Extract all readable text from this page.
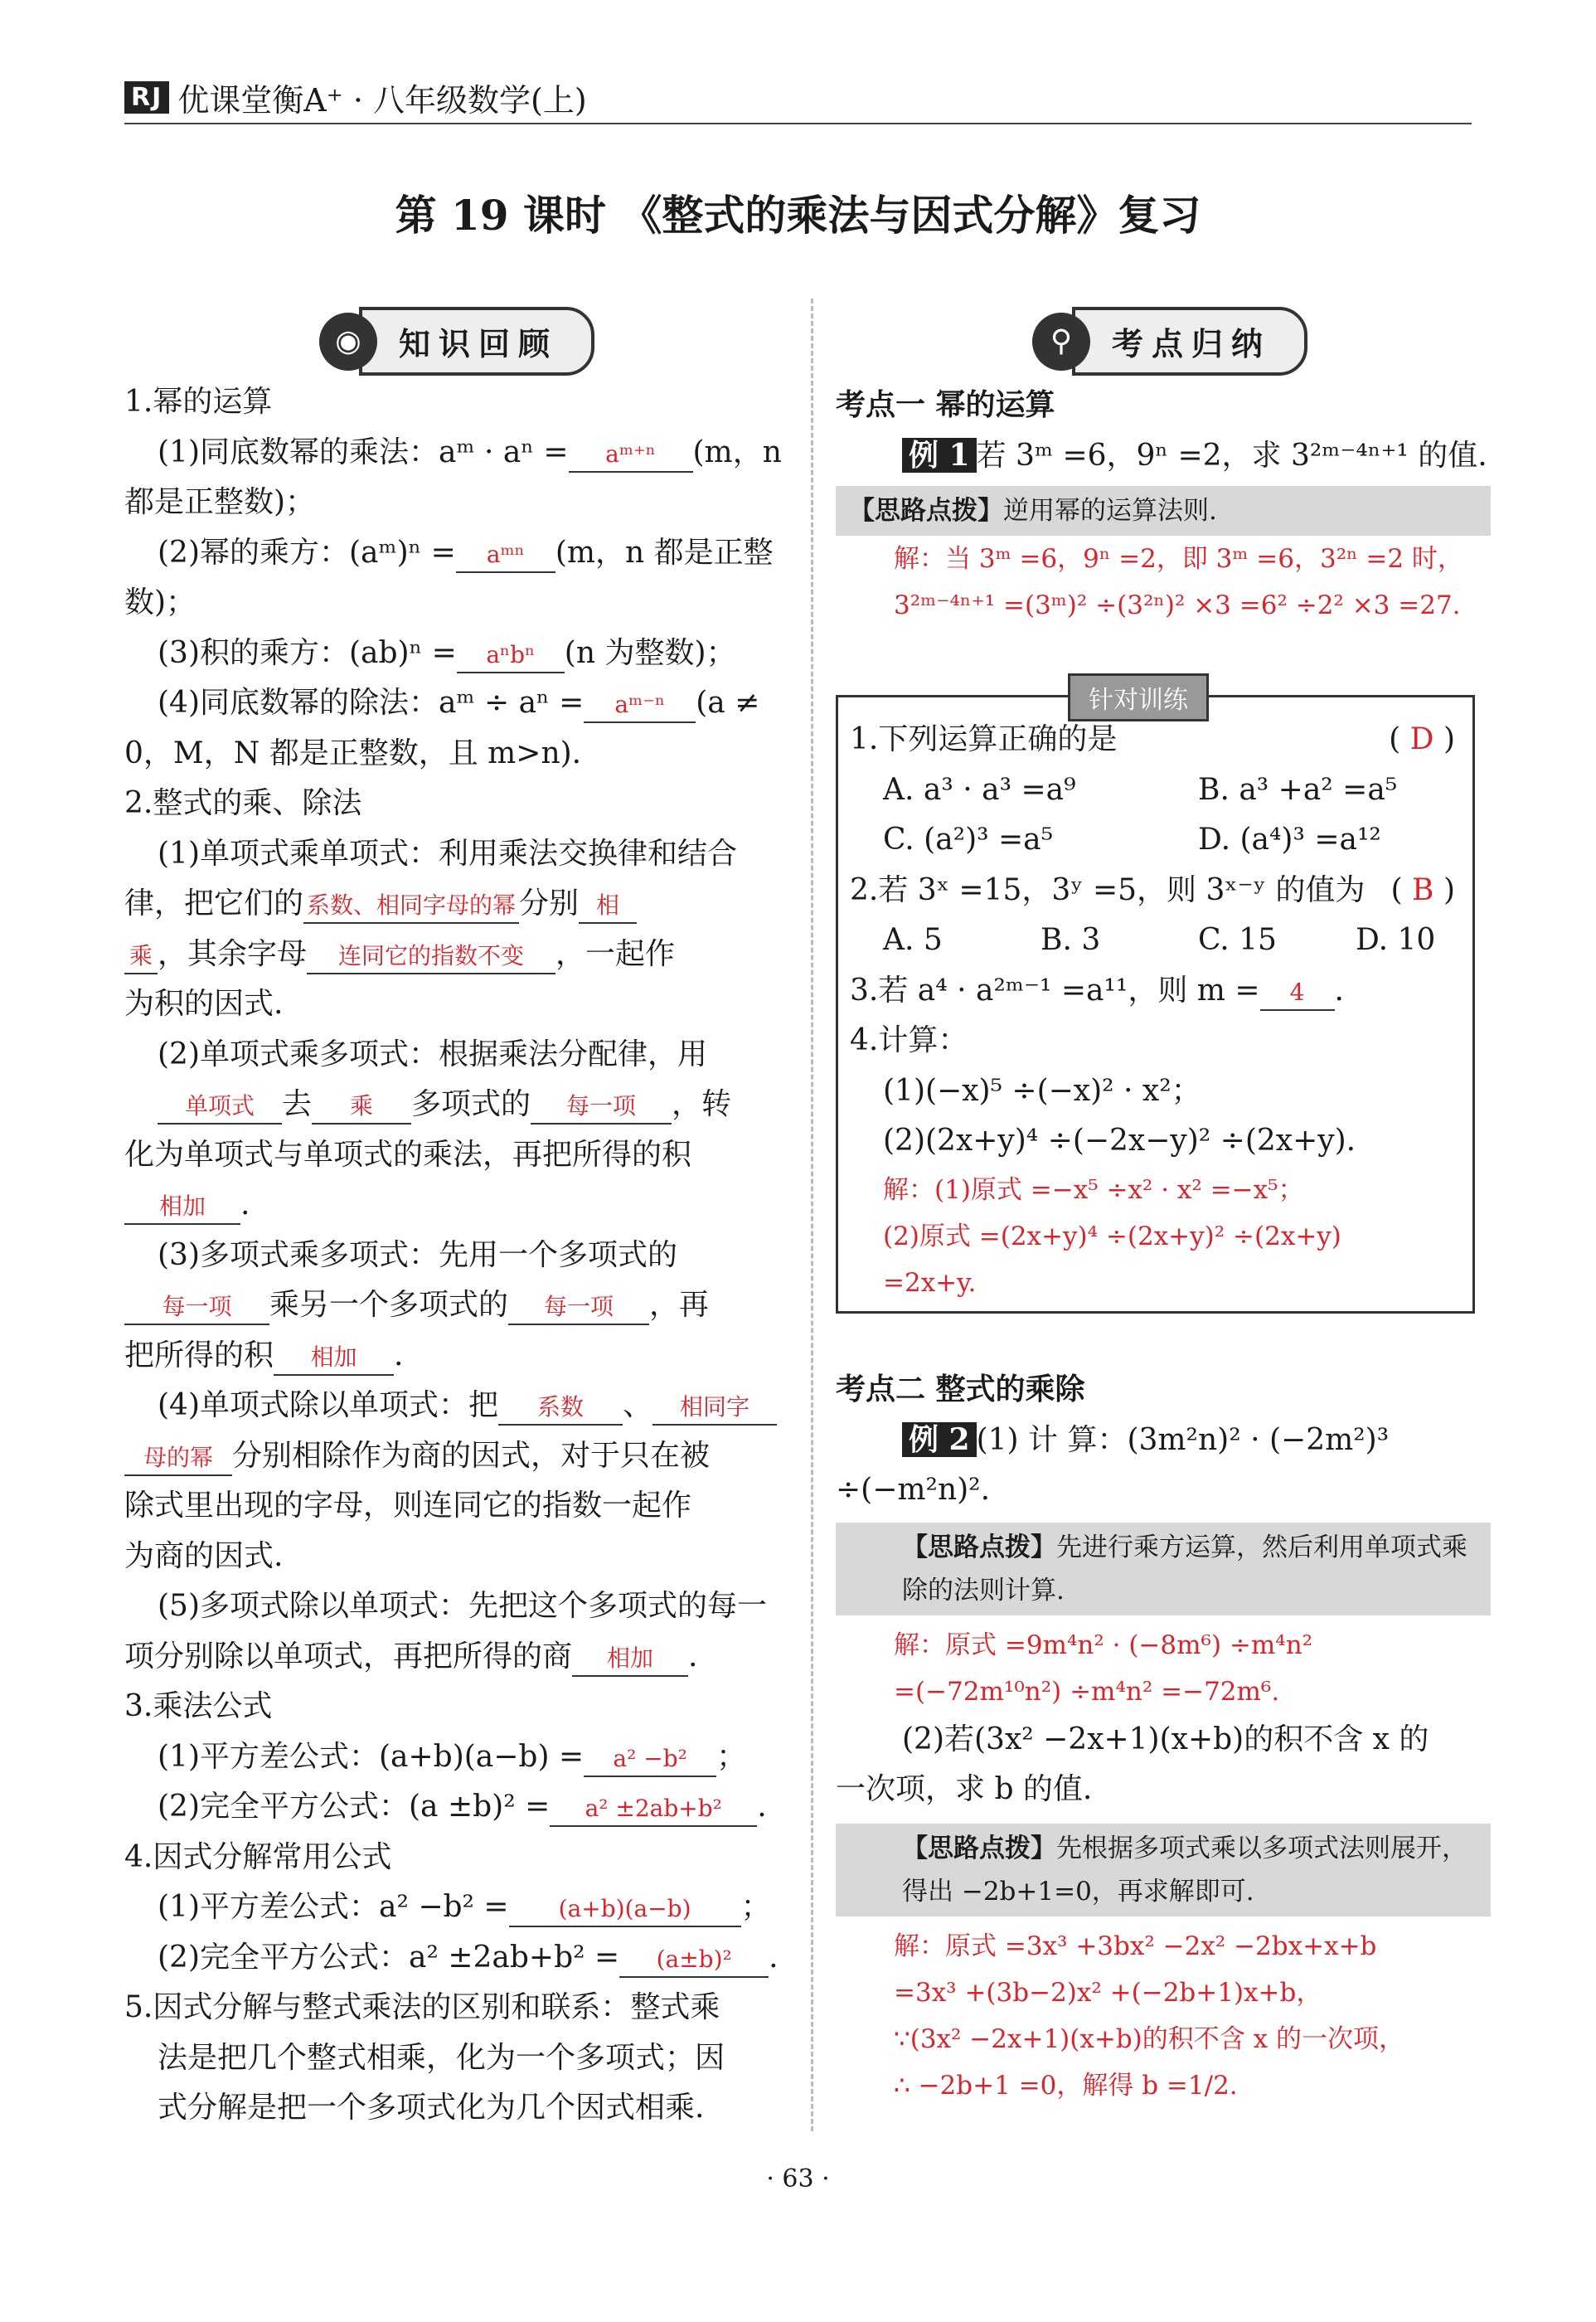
RJ 优课堂衡A⁺ · 八年级数学(上)
第 19 课时 《整式的乘法与因式分解》复习
◉	知识回顾

1.幂的运算

(1)同底数幂的乘法：aᵐ · aⁿ = aᵐ⁺ⁿ (m，n

都是正整数)；

(2)幂的乘方：(aᵐ)ⁿ = aᵐⁿ (m，n 都是正整

数)；

(3)积的乘方：(ab)ⁿ = aⁿbⁿ (n 为整数)；

(4)同底数幂的除法：aᵐ ÷ aⁿ = aᵐ⁻ⁿ (a ≠

0，M，N 都是正整数，且 m>n).

2.整式的乘、除法

(1)单项式乘单项式：利用乘法交换律和结合

律，把它们的 系数、相同字母的幂 分别 相

乘 ，其余字母 连同它的指数不变 ，一起作

为积的因式.

(2)单项式乘多项式：根据乘法分配律，用

单项式 去 乘 多项式的 每一项 ，转

化为单项式与单项式的乘法，再把所得的积

相加 .

(3)多项式乘多项式：先用一个多项式的

每一项 乘另一个多项式的 每一项 ，再

把所得的积 相加 .

(4)单项式除以单项式：把 系数 、 相同字

母的幂 分别相除作为商的因式，对于只在被

除式里出现的字母，则连同它的指数一起作

为商的因式.

(5)多项式除以单项式：先把这个多项式的每一

项分别除以单项式，再把所得的商 相加 .

3.乘法公式

(1)平方差公式：(a+b)(a−b) = a² −b² ；

(2)完全平方公式：(a ±b)² = a² ±2ab+b² .

4.因式分解常用公式

(1)平方差公式：a² −b² = (a+b)(a−b) ；

(2)完全平方公式：a² ±2ab+b² = (a±b)² .

5.因式分解与整式乘法的区别和联系：整式乘

法是把几个整式相乘，化为一个多项式；因

式分解是把一个多项式化为几个因式相乘.

⚲	考点归纳

考点一 幂的运算

例 1 若 3ᵐ =6，9ⁿ =2，求 3²ᵐ⁻⁴ⁿ⁺¹ 的值.

【思路点拨】逆用幂的运算法则.
解：当 3ᵐ =6，9ⁿ =2，即 3ᵐ =6，3²ⁿ =2 时，
3²ᵐ⁻⁴ⁿ⁺¹ =(3ᵐ)² ÷(3²ⁿ)² ×3 =6² ÷2² ×3 =27.
针对训练

1.下列运算正确的是	( D )

A. a³ · a³ =a⁹	B. a³ +a² =a⁵

C. (a²)³ =a⁵	D. (a⁴)³ =a¹²

2.若 3ˣ =15，3ʸ =5，则 3ˣ⁻ʸ 的值为 ( B )

A. 5	B. 3	C. 15	D. 10

3.若 a⁴ · a²ᵐ⁻¹ =a¹¹，则 m = 4 .

4.计算：

(1)(−x)⁵ ÷(−x)² · x²；

(2)(2x+y)⁴ ÷(−2x−y)² ÷(2x+y).

解：(1)原式 =−x⁵ ÷x² · x² =−x⁵；
(2)原式 =(2x+y)⁴ ÷(2x+y)² ÷(2x+y)
=2x+y.

考点二 整式的乘除

例 2 (1) 计 算：(3m²n)² · (−2m²)³

÷(−m²n)².

【思路点拨】先进行乘方运算，然后利用单项式乘除的法则计算.
解：原式 =9m⁴n² · (−8m⁶) ÷m⁴n²
=(−72m¹⁰n²) ÷m⁴n² =−72m⁶.

(2)若(3x² −2x+1)(x+b)的积不含 x 的

一次项，求 b 的值.

【思路点拨】先根据多项式乘以多项式法则展开，得出 −2b+1=0，再求解即可.
解：原式 =3x³ +3bx² −2x² −2bx+x+b
=3x³ +(3b−2)x² +(−2b+1)x+b，
∵(3x² −2x+1)(x+b)的积不含 x 的一次项，
∴ −2b+1 =0，解得 b =1/2.
· 63 ·
